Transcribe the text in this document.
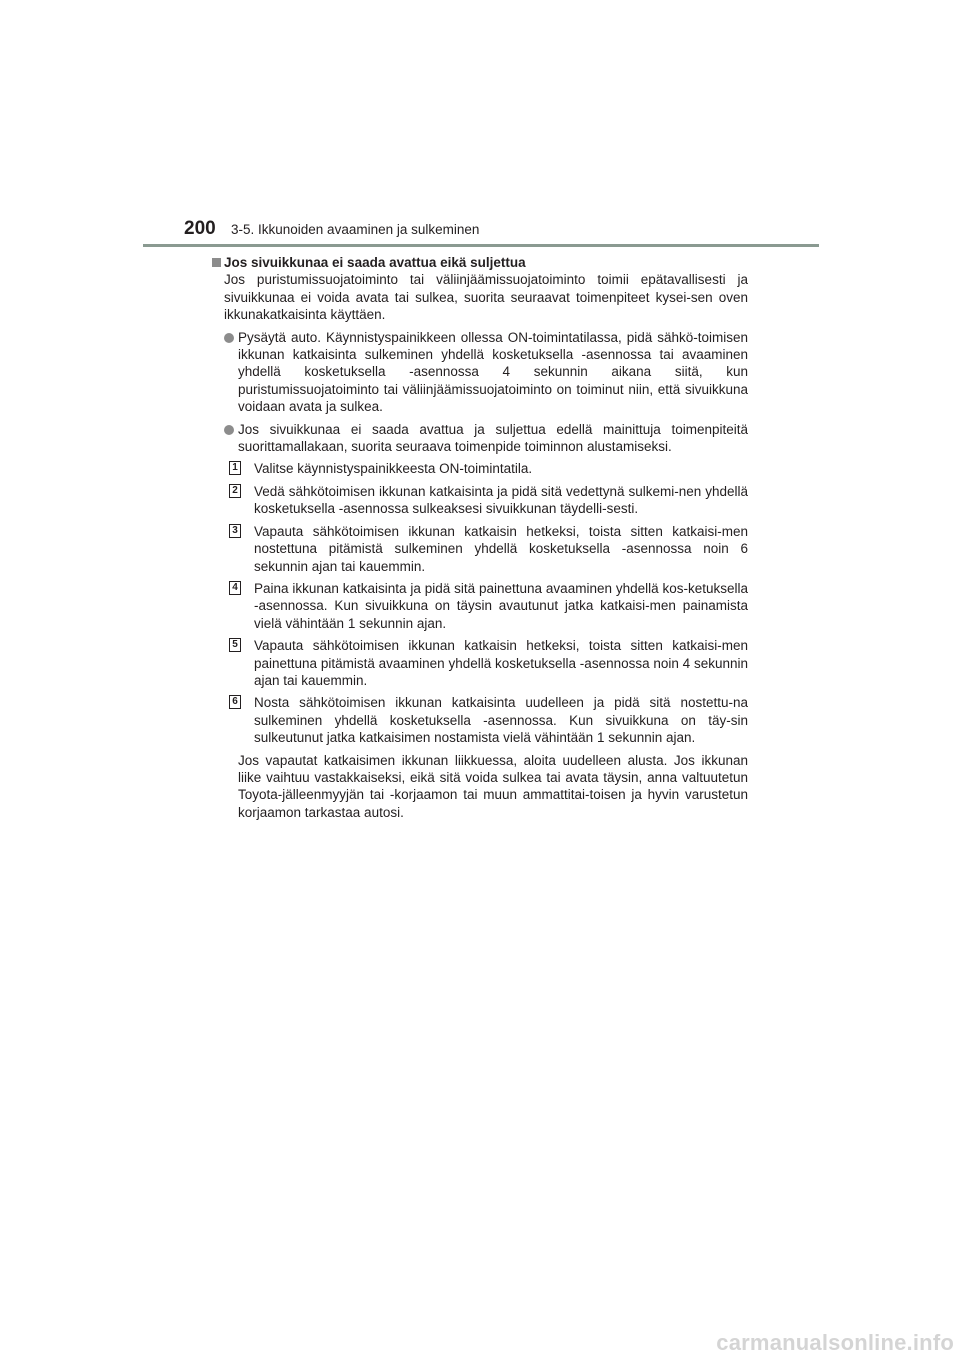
200 3-5. Ikkunoiden avaaminen ja sulkeminen
Jos sivuikkunaa ei saada avattua eikä suljettua
Jos puristumissuojatoiminto tai väliinjäämissuojatoiminto toimii epätavallisesti ja sivuikkunaa ei voida avata tai sulkea, suorita seuraavat toimenpiteet kysei-sen oven ikkunakatkaisinta käyttäen.
Pysäytä auto. Käynnistyspainikkeen ollessa ON-toimintatilassa, pidä sähkö-toimisen ikkunan katkaisinta sulkeminen yhdellä kosketuksella -asennossa tai avaaminen yhdellä kosketuksella -asennossa 4 sekunnin aikana siitä, kun puristumissuojatoiminto tai väliinjäämissuojatoiminto on toiminut niin, että sivuikkuna voidaan avata ja sulkea.
Jos sivuikkunaa ei saada avattua ja suljettua edellä mainittuja toimenpiteitä suorittamallakaan, suorita seuraava toimenpide toiminnon alustamiseksi.
1 Valitse käynnistyspainikkeesta ON-toimintatila.
2 Vedä sähkötoimisen ikkunan katkaisinta ja pidä sitä vedettynä sulkemi-nen yhdellä kosketuksella -asennossa sulkeaksesi sivuikkunan täydelli-sesti.
3 Vapauta sähkötoimisen ikkunan katkaisin hetkeksi, toista sitten katkaisi-men nostettuna pitämistä sulkeminen yhdellä kosketuksella -asennossa noin 6 sekunnin ajan tai kauemmin.
4 Paina ikkunan katkaisinta ja pidä sitä painettuna avaaminen yhdellä kos-ketuksella -asennossa. Kun sivuikkuna on täysin avautunut jatka katkaisi-men painamista vielä vähintään 1 sekunnin ajan.
5 Vapauta sähkötoimisen ikkunan katkaisin hetkeksi, toista sitten katkaisi-men painettuna pitämistä avaaminen yhdellä kosketuksella -asennossa noin 4 sekunnin ajan tai kauemmin.
6 Nosta sähkötoimisen ikkunan katkaisinta uudelleen ja pidä sitä nostettu-na sulkeminen yhdellä kosketuksella -asennossa. Kun sivuikkuna on täy-sin sulkeutunut jatka katkaisimen nostamista vielä vähintään 1 sekunnin ajan.
Jos vapautat katkaisimen ikkunan liikkuessa, aloita uudelleen alusta. Jos ikkunan liike vaihtuu vastakkaiseksi, eikä sitä voida sulkea tai avata täysin, anna valtuutetun Toyota-jälleenmyyjän tai -korjaamon tai muun ammattitai-toisen ja hyvin varustetun korjaamon tarkastaa autosi.
carmanualsonline.info
